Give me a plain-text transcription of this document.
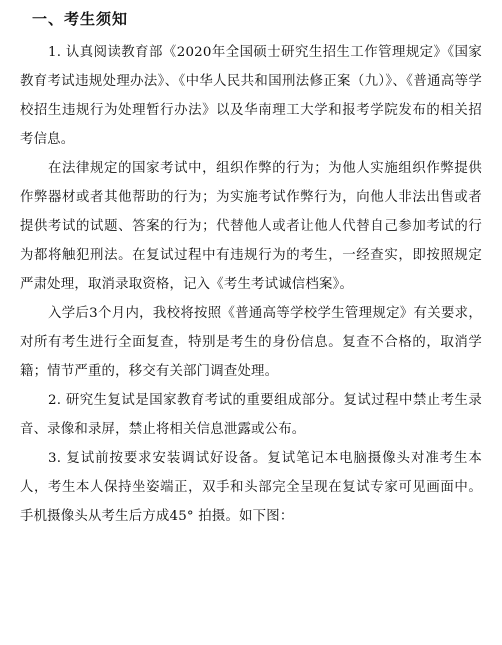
一、考生须知

1. 认真阅读教育部《2020年全国硕士研究生招生工作管理规定》《国家教育考试违规处理办法》、《中华人民共和国刑法修正案（九）》、《普通高等学校招生违规行为处理暂行办法》以及华南理工大学和报考学院发布的相关招考信息。

在法律规定的国家考试中，组织作弊的行为；为他人实施组织作弊提供作弊器材或者其他帮助的行为；为实施考试作弊行为，向他人非法出售或者提供考试的试题、答案的行为；代替他人或者让他人代替自己参加考试的行为都将触犯刑法。在复试过程中有违规行为的考生，一经查实，即按照规定严肃处理，取消录取资格，记入《考生考试诚信档案》。

入学后3个月内，我校将按照《普通高等学校学生管理规定》有关要求，对所有考生进行全面复查，特别是考生的身份信息。复查不合格的，取消学籍；情节严重的，移交有关部门调查处理。

2. 研究生复试是国家教育考试的重要组成部分。复试过程中禁止考生录音、录像和录屏，禁止将相关信息泄露或公布。

3. 复试前按要求安装调试好设备。复试笔记本电脑摄像头对准考生本人，考生本人保持坐姿端正，双手和头部完全呈现在复试专家可见画面中。手机摄像头从考生后方成45° 拍摄。如下图：
